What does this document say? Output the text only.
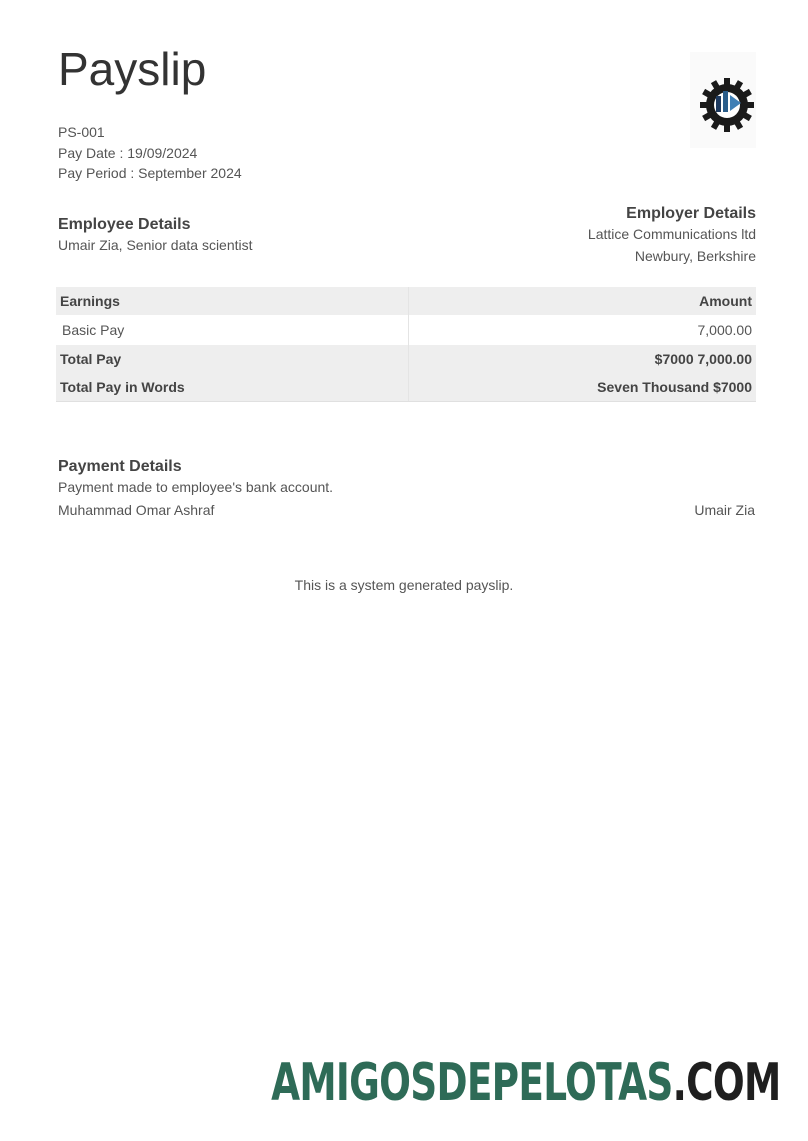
Payslip
PS-001
Pay Date : 19/09/2024
Pay Period : September 2024
Employee Details
Umair Zia, Senior data scientist
Employer Details
Lattice Communications ltd
Newbury, Berkshire
Earnings	Amount
Basic Pay	7,000.00
Total Pay	$7000 7,000.00
Total Pay in Words	Seven Thousand $7000
Payment Details
Payment made to employee's bank account.
Muhammad Omar Ashraf	Umair Zia
This is a system generated payslip.
AMIGOSDEPELOTAS.COM
